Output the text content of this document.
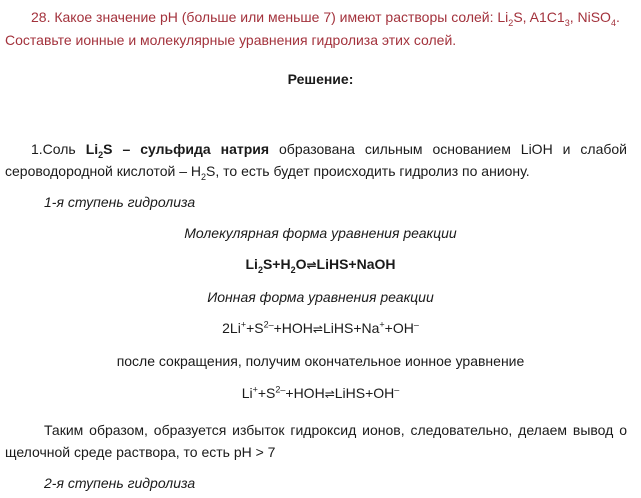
28. Какое значение pH (больше или меньше 7) имеют растворы солей: $Li_2S$, $A1C1_3$, NiSO$_4$.
Составьте ионные и молекулярные уравнения гидролиза этих солей.
Решение:
1.Соль $Li_2S$ – сульфида натрия образована сильным основанием LiOH и слабой
сероводородной кислотой – $H_2S$, то есть будет происходить гидролиз по аниону.
1-я ступень гидролиза
Молекулярная форма уравнения реакции
$Li_2S+H_2O\rightleftharpoons LiHS+NaOH$
Ионная форма уравнения реакции
$2Li^++S^{2-}+HOH\rightleftharpoons LiHS+Na^++OH^-$
после сокращения, получим окончательное ионное уравнение
$Li^++S^{2-}+HOH\rightleftharpoons LiHS+OH^-$
Таким образом, образуется избыток гидроксид ионов, следовательно, делаем вывод о
щелочной среде раствора, то есть pH > 7
2-я ступень гидролиза
